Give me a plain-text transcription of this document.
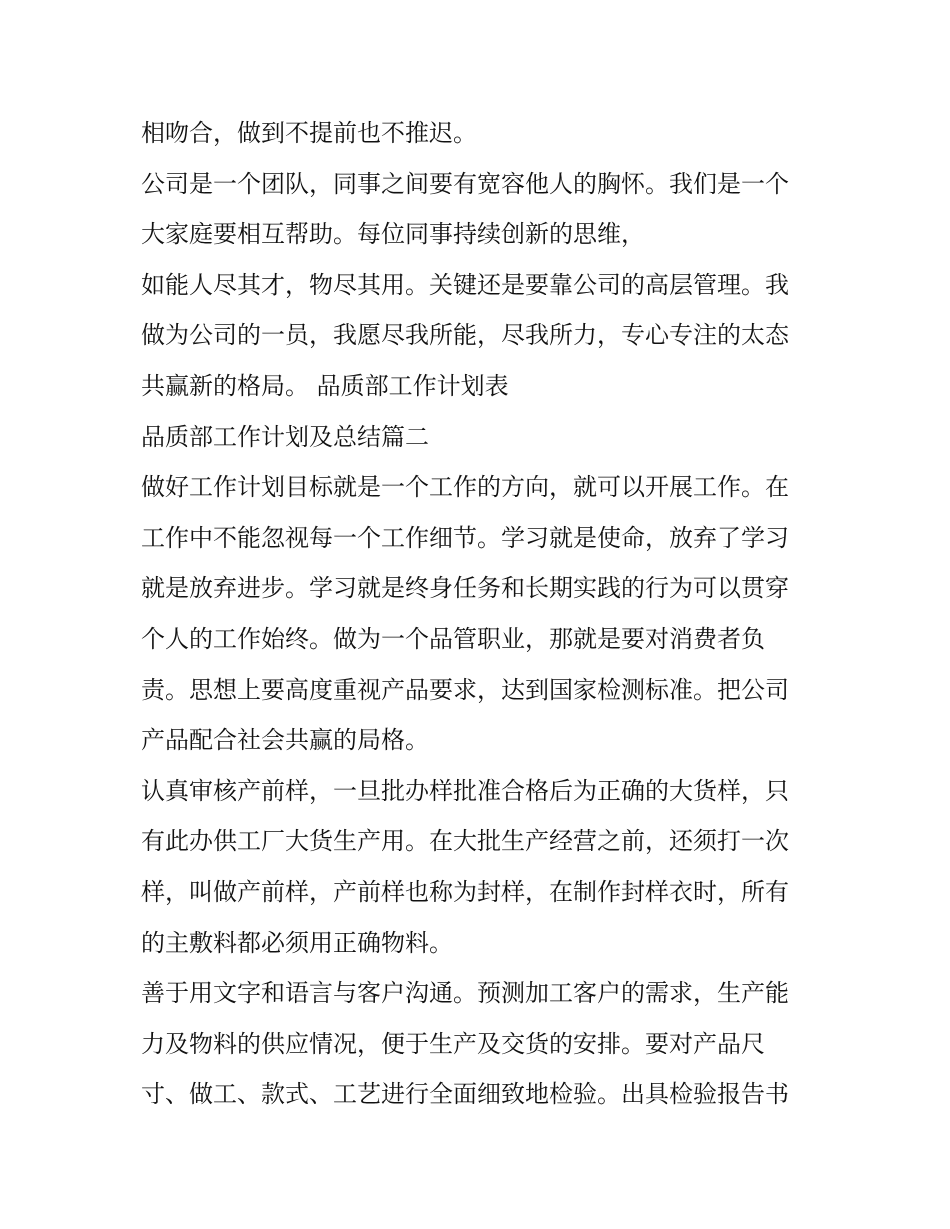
相吻合，做到不提前也不推迟。
公司是一个团队，同事之间要有宽容他人的胸怀。我们是一个
大家庭要相互帮助。每位同事持续创新的思维，
如能人尽其才，物尽其用。关键还是要靠公司的高层管理。我
做为公司的一员，我愿尽我所能，尽我所力，专心专注的太态
共赢新的格局。 品质部工作计划表
品质部工作计划及总结篇二
做好工作计划目标就是一个工作的方向，就可以开展工作。在
工作中不能忽视每一个工作细节。学习就是使命，放弃了学习
就是放弃进步。学习就是终身任务和长期实践的行为可以贯穿
个人的工作始终。做为一个品管职业，那就是要对消费者负
责。思想上要高度重视产品要求，达到国家检测标准。把公司
产品配合社会共赢的局格。
认真审核产前样，一旦批办样批准合格后为正确的大货样，只
有此办供工厂大货生产用。在大批生产经营之前，还须打一次
样，叫做产前样，产前样也称为封样，在制作封样衣时，所有
的主敷料都必须用正确物料。
善于用文字和语言与客户沟通。预测加工客户的需求，生产能
力及物料的供应情况，便于生产及交货的安排。要对产品尺
寸、做工、款式、工艺进行全面细致地检验。出具检验报告书
